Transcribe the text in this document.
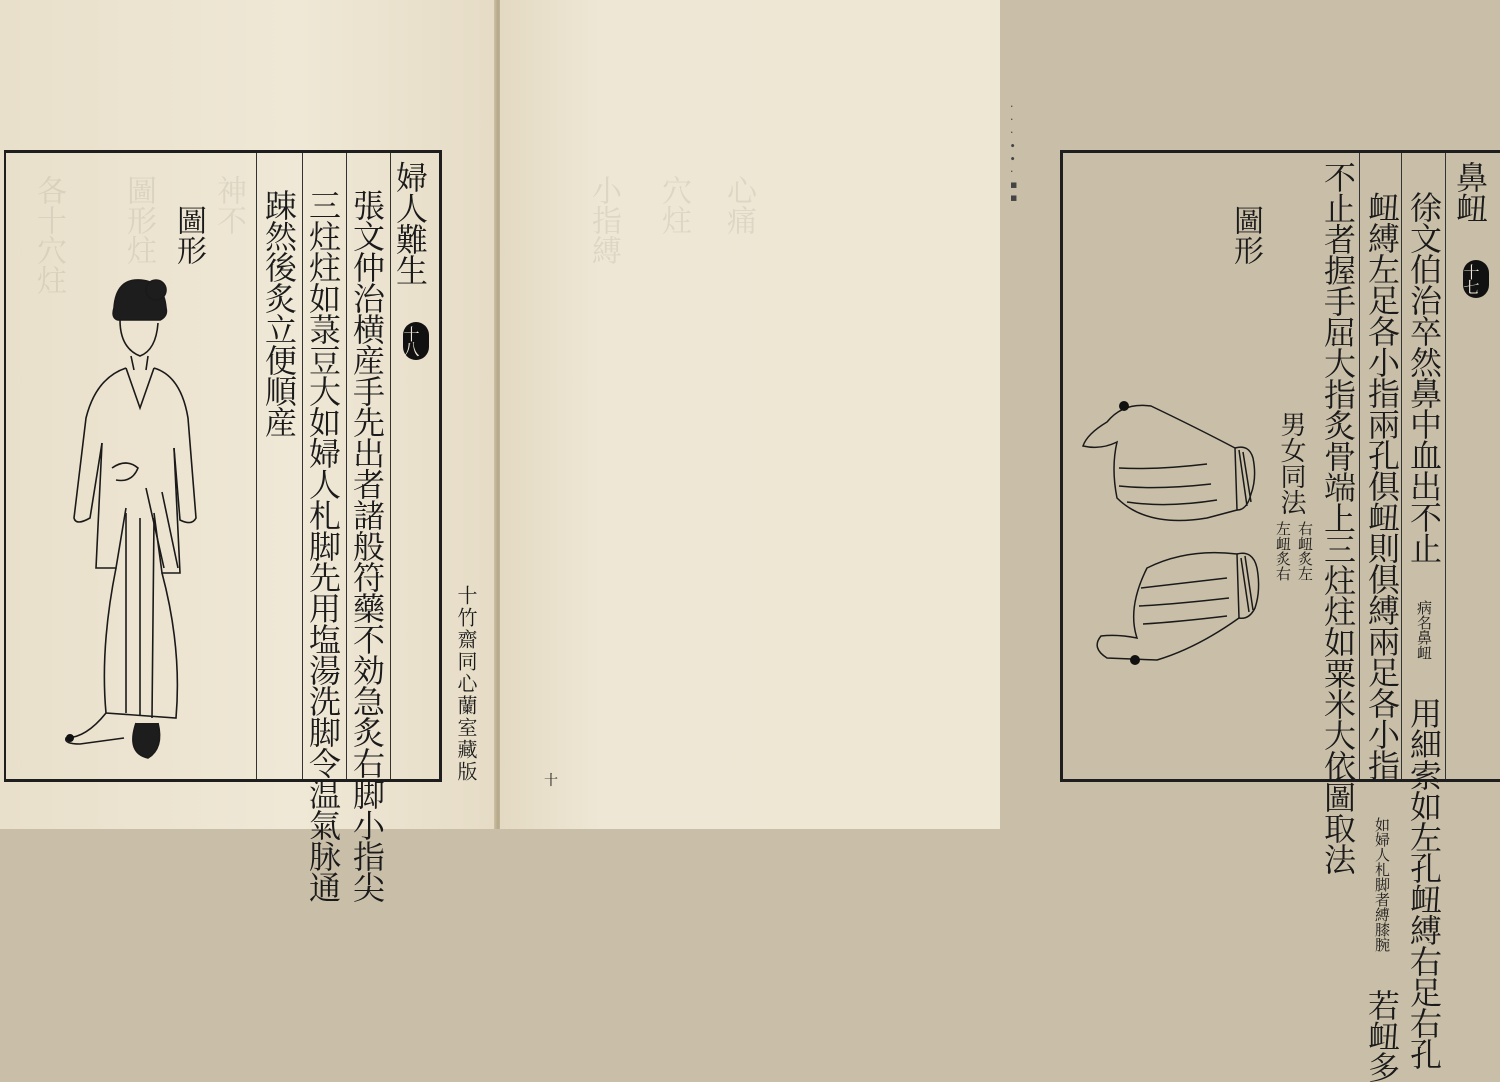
各十穴炷 圖形炷 神不	婦人難生 十八
張文仲治横産手先出者諸般符藥不効急炙右脚小指尖
三炷炷如菉豆大如婦人札脚先用塩湯洗脚令温氣脉通
踈然後炙立便順産
圖形
十竹齋同心蘭室藏版
· · · ∙ ∙ · ▪ ▪
小指縛 穴炷 心痛	鼻衄 十七
徐文伯治卒然鼻中血出不止
病名
鼻衄
用細索如左孔衄縛右足右孔
衄縛左足各小指兩孔俱衄則俱縛兩足各小指
如婦人札脚
者縛膝腕
若衄多
不止者握手屈大指炙骨端上三炷炷如粟米大依圖取法
圖形
男女同法
右衄炙左
左衄炙右
十
